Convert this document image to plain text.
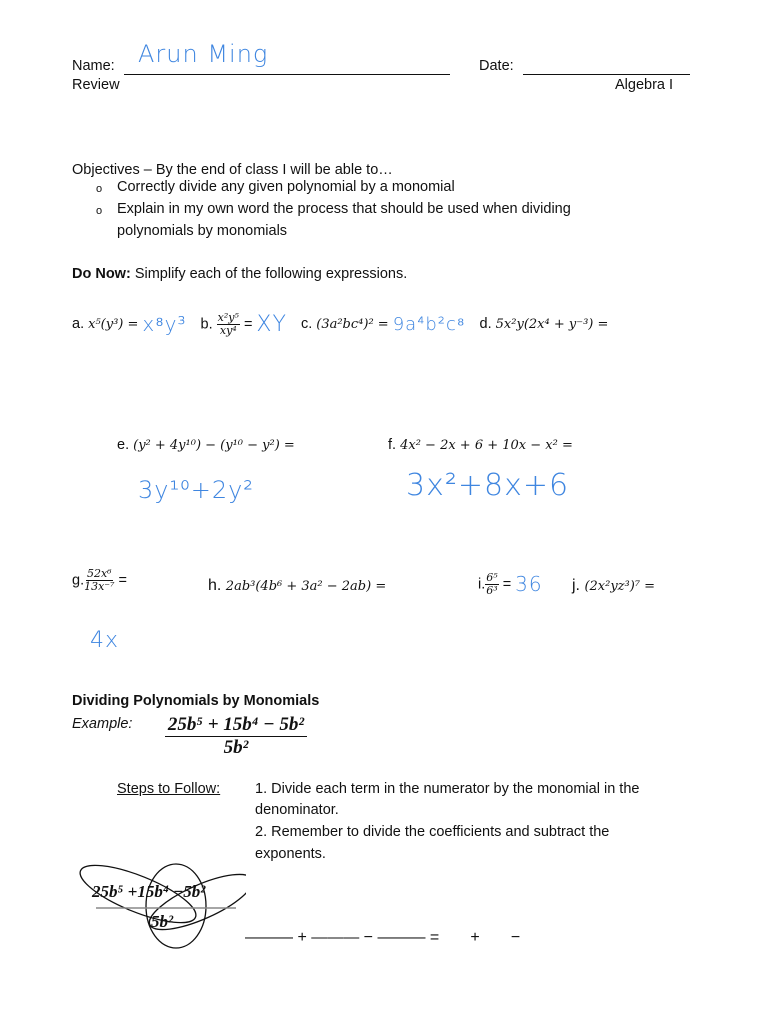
Name: Arun Ming	Date:
Review	Algebra I
Objectives – By the end of class I will be able to…
o Correctly divide any given polynomial by a monomial
o Explain in my own word the process that should be used when dividing
polynomials by monomials
Do Now: Simplify each of the following expressions.
a. x⁵(y³) = x⁸y³ b. $\frac{\text{x²y⁵}}{\text{xy⁴}}$ = XY c. (3a²bc⁴)² = 9a⁴b²c⁸ d. 5x²y(2x⁴ + y⁻³) =
e. (y² + 4y¹⁰) − (y¹⁰ − y²) =
3y¹⁰+2y²
f. 4x² − 2x + 6 + 10x − x² =
3x²+8x+6
g. $\frac{\text{52x⁶}}{\text{13x⁻⁷}}$ =
4x
h. 2ab³(4b⁶ + 3a² − 2ab) =	i. $\frac{\text{6⁵}}{\text{6³}} = 36$ j. (2x²yz³)⁷ =
Dividing Polynomials by Monomials
Example: 25b⁵ + 15b⁴ − 5b²
5b²
Steps to Follow: 1. Divide each term in the numerator by the monomial in the
denominator.
2. Remember to divide the coefficients and subtract the
exponents.
25b⁵ +15b⁴ −5b²
5b²
——— + ——— − ——— =       +       −
